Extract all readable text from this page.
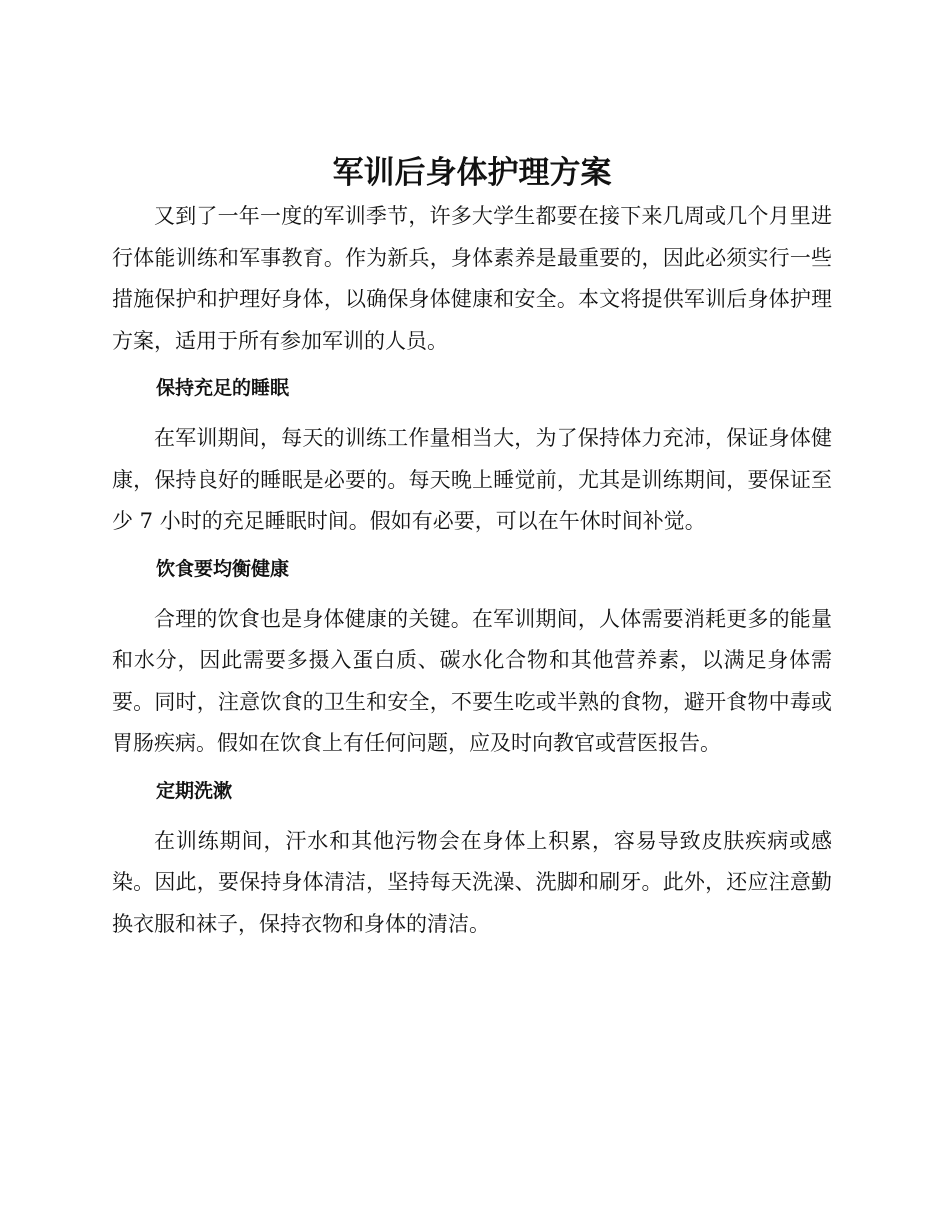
军训后身体护理方案

又到了一年一度的军训季节，许多大学生都要在接下来几周或几个月里进行体能训练和军事教育。作为新兵，身体素养是最重要的，因此必须实行一些措施保护和护理好身体，以确保身体健康和安全。本文将提供军训后身体护理方案，适用于所有参加军训的人员。

保持充足的睡眠

在军训期间，每天的训练工作量相当大，为了保持体力充沛，保证身体健康，保持良好的睡眠是必要的。每天晚上睡觉前，尤其是训练期间，要保证至少 7 小时的充足睡眠时间。假如有必要，可以在午休时间补觉。

饮食要均衡健康

合理的饮食也是身体健康的关键。在军训期间，人体需要消耗更多的能量和水分，因此需要多摄入蛋白质、碳水化合物和其他营养素，以满足身体需要。同时，注意饮食的卫生和安全，不要生吃或半熟的食物，避开食物中毒或胃肠疾病。假如在饮食上有任何问题，应及时向教官或营医报告。

定期洗漱

在训练期间，汗水和其他污物会在身体上积累，容易导致皮肤疾病或感染。因此，要保持身体清洁，坚持每天洗澡、洗脚和刷牙。此外，还应注意勤换衣服和袜子，保持衣物和身体的清洁。
